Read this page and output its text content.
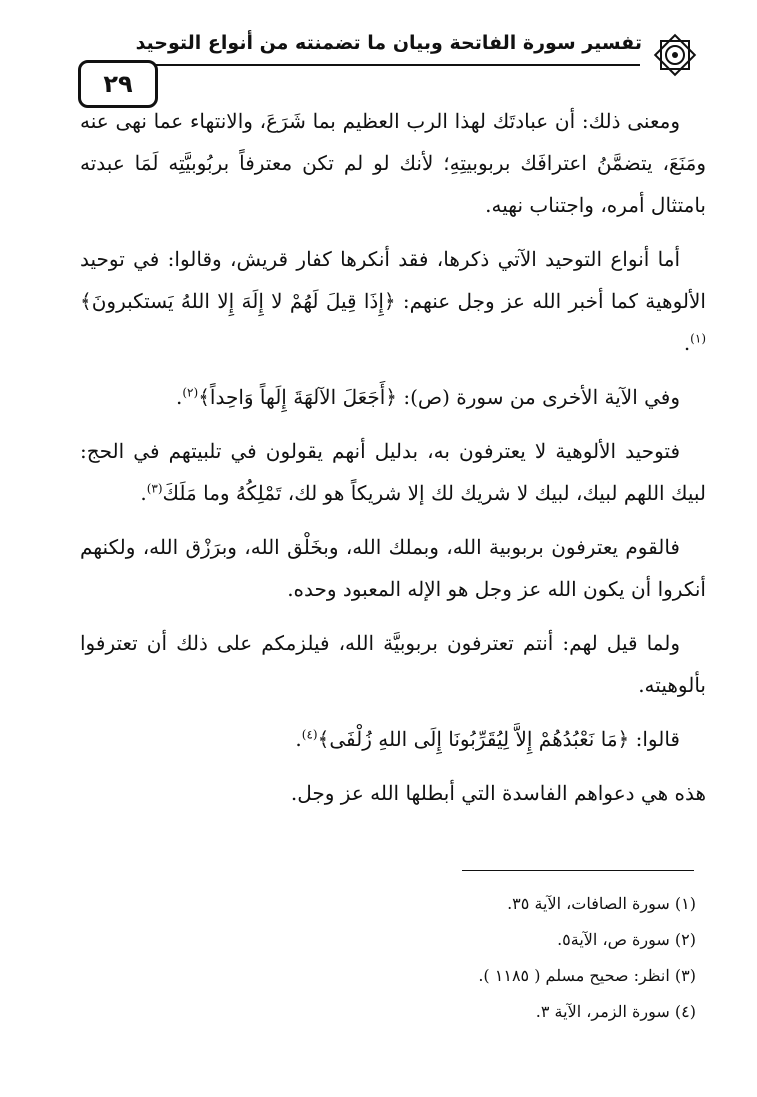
٢٩
تفسير سورة الفاتحة وبيان ما تضمنته من أنواع التوحيد

ومعنى ذلك: أن عبادتَك لهذا الرب العظيم بما شَرَعَ، والانتهاء عما نهى عنه ومَنَعَ، يتضمَّنُ اعترافَك بربوبيتِهِ؛ لأنك لو لم تكن معترفاً بربُوبيَّتِه لَمَا عبدته بامتثال أمره، واجتناب نهيه.

أما أنواع التوحيد الآتي ذكرها، فقد أنكرها كفار قريش، وقالوا: في توحيد الألوهية كما أخبر الله عز وجل عنهم: ﴿إِذَا قِيلَ لَهُمْ لا إِلَهَ إِلا اللهُ يَستكبرونَ﴾$^{(١)}$.

وفي الآية الأخرى من سورة (ص): ﴿أَجَعَلَ الآلهَةَ إِلَهاً وَاحِداً﴾$^{(٢)}$.

فتوحيد الألوهية لا يعترفون به، بدليل أنهم يقولون في تلبيتهم في الحج: لبيك اللهم لبيك، لبيك لا شريك لك إلا شريكاً هو لك، تَمْلِكُهُ وما مَلَكَ$^{(٣)}$.

فالقوم يعترفون بربوبية الله، وبملك الله، وبخَلْق الله، وبرَزْق الله، ولكنهم أنكروا أن يكون الله عز وجل هو الإله المعبود وحده.

ولما قيل لهم: أنتم تعترفون بربوبيَّة الله، فيلزمكم على ذلك أن تعترفوا بألوهيته.

قالوا: ﴿مَا نَعْبُدُهُمْ إِلاَّ لِيُقَرِّبُونَا إِلَى اللهِ زُلْفَى﴾$^{(٤)}$.

هذه هي دعواهم الفاسدة التي أبطلها الله عز وجل.

(١) سورة الصافات، الآية ٣٥.
(٢) سورة ص، الآية٥.
(٣) انظر: صحيح مسلم ( ١١٨٥ ).
(٤) سورة الزمر، الآية ٣.
